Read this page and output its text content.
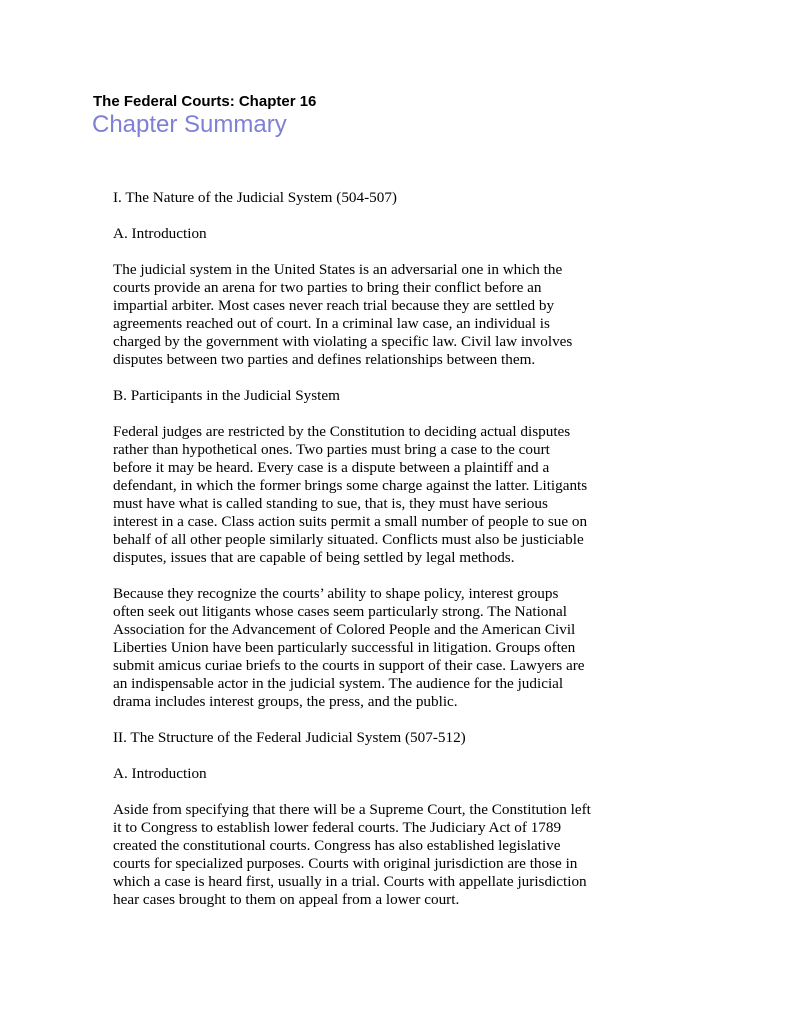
The Federal Courts: Chapter 16
Chapter Summary

I. The Nature of the Judicial System (504-507)

A. Introduction

The judicial system in the United States is an adversarial one in which the
courts provide an arena for two parties to bring their conflict before an
impartial arbiter. Most cases never reach trial because they are settled by
agreements reached out of court. In a criminal law case, an individual is
charged by the government with violating a specific law. Civil law involves
disputes between two parties and defines relationships between them.

B. Participants in the Judicial System

Federal judges are restricted by the Constitution to deciding actual disputes
rather than hypothetical ones. Two parties must bring a case to the court
before it may be heard. Every case is a dispute between a plaintiff and a
defendant, in which the former brings some charge against the latter. Litigants
must have what is called standing to sue, that is, they must have serious
interest in a case. Class action suits permit a small number of people to sue on
behalf of all other people similarly situated. Conflicts must also be justiciable
disputes, issues that are capable of being settled by legal methods.

Because they recognize the courts’ ability to shape policy, interest groups
often seek out litigants whose cases seem particularly strong. The National
Association for the Advancement of Colored People and the American Civil
Liberties Union have been particularly successful in litigation. Groups often
submit amicus curiae briefs to the courts in support of their case. Lawyers are
an indispensable actor in the judicial system. The audience for the judicial
drama includes interest groups, the press, and the public.

II. The Structure of the Federal Judicial System (507-512)

A. Introduction

Aside from specifying that there will be a Supreme Court, the Constitution left
it to Congress to establish lower federal courts. The Judiciary Act of 1789
created the constitutional courts. Congress has also established legislative
courts for specialized purposes. Courts with original jurisdiction are those in
which a case is heard first, usually in a trial. Courts with appellate jurisdiction
hear cases brought to them on appeal from a lower court.
